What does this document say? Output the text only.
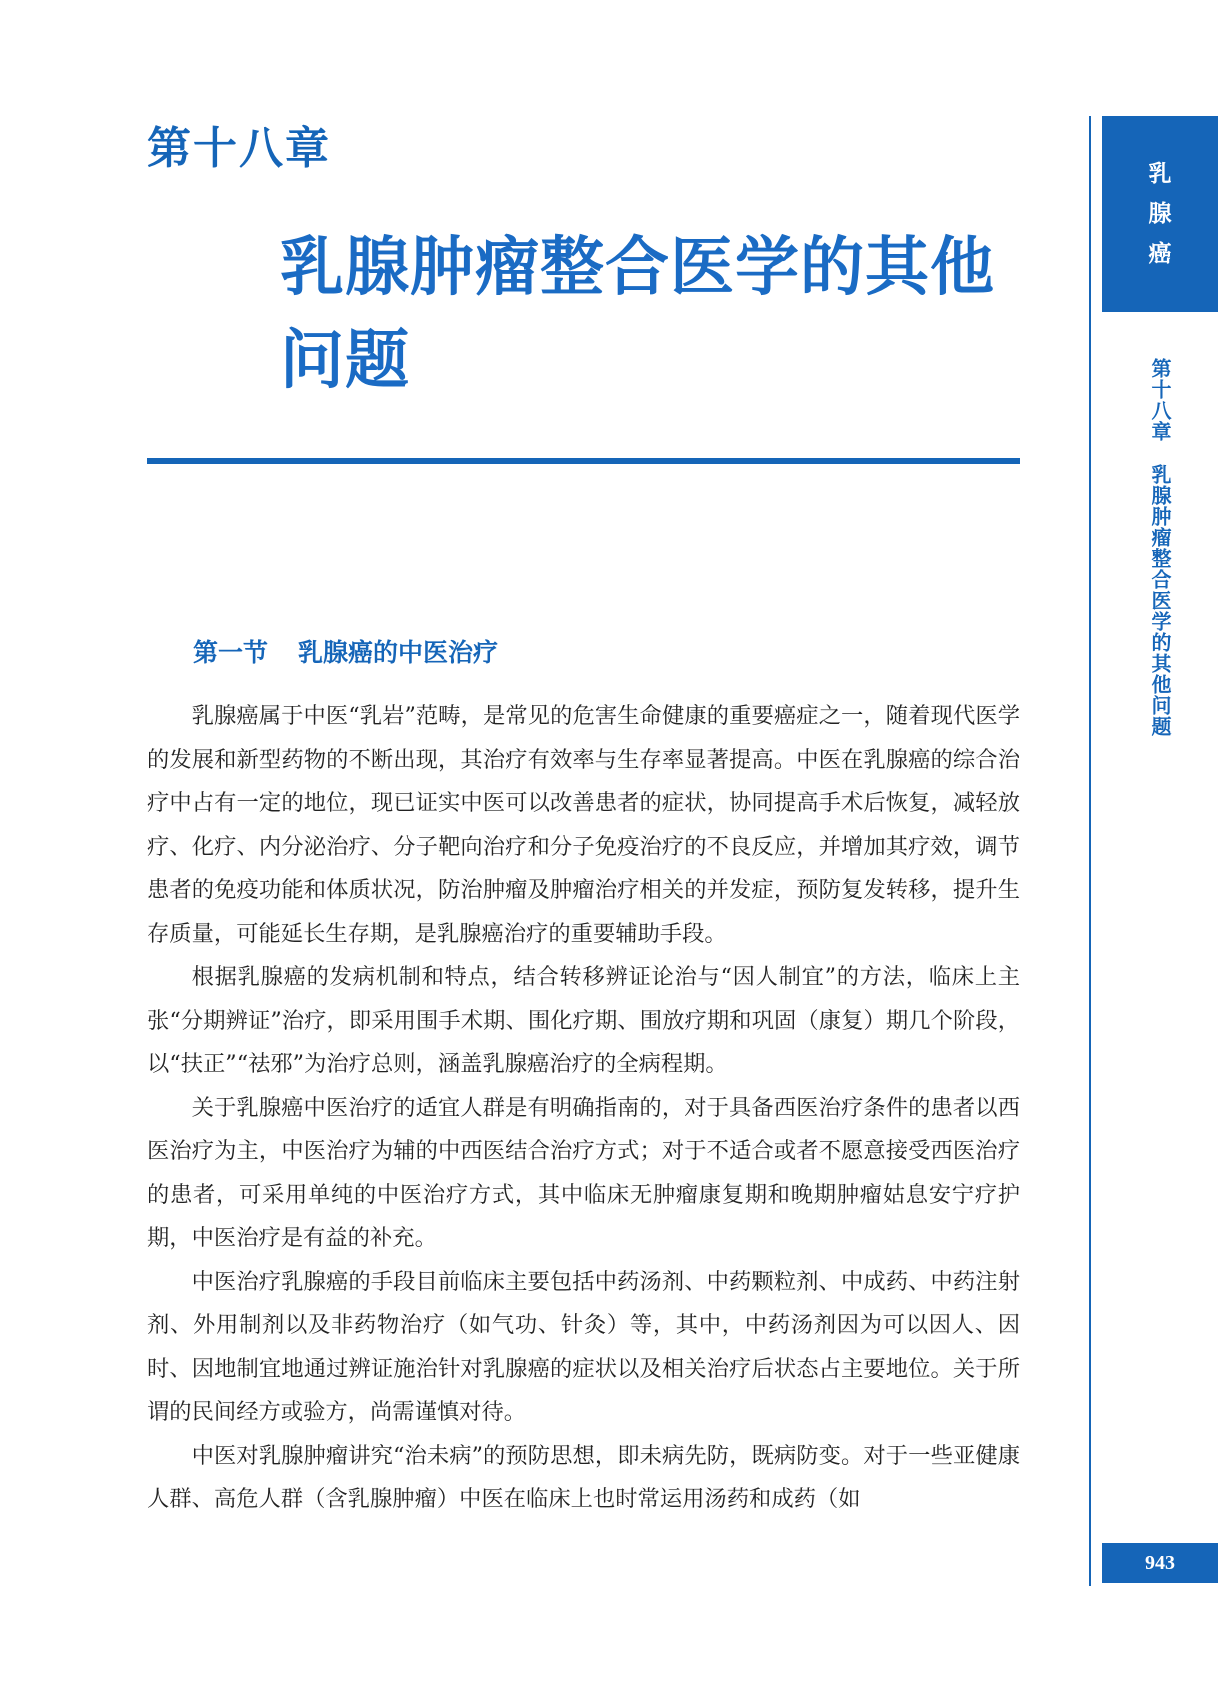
第十八章
乳腺肿瘤整合医学的其他问题
第一节 乳腺癌的中医治疗

乳腺癌属于中医“乳岩”范畴，是常见的危害生命健康的重要癌症之一，随着现代医学的发展和新型药物的不断出现，其治疗有效率与生存率显著提高。中医在乳腺癌的综合治疗中占有一定的地位，现已证实中医可以改善患者的症状，协同提高手术后恢复，减轻放疗、化疗、内分泌治疗、分子靶向治疗和分子免疫治疗的不良反应，并增加其疗效，调节患者的免疫功能和体质状况，防治肿瘤及肿瘤治疗相关的并发症，预防复发转移，提升生存质量，可能延长生存期，是乳腺癌治疗的重要辅助手段。

根据乳腺癌的发病机制和特点，结合转移辨证论治与“因人制宜”的方法，临床上主张“分期辨证”治疗，即采用围手术期、围化疗期、围放疗期和巩固（康复）期几个阶段，以“扶正”“祛邪”为治疗总则，涵盖乳腺癌治疗的全病程期。

关于乳腺癌中医治疗的适宜人群是有明确指南的，对于具备西医治疗条件的患者以西医治疗为主，中医治疗为辅的中西医结合治疗方式；对于不适合或者不愿意接受西医治疗的患者，可采用单纯的中医治疗方式，其中临床无肿瘤康复期和晚期肿瘤姑息安宁疗护期，中医治疗是有益的补充。

中医治疗乳腺癌的手段目前临床主要包括中药汤剂、中药颗粒剂、中成药、中药注射剂、外用制剂以及非药物治疗（如气功、针灸）等，其中，中药汤剂因为可以因人、因时、因地制宜地通过辨证施治针对乳腺癌的症状以及相关治疗后状态占主要地位。关于所谓的民间经方或验方，尚需谨慎对待。

中医对乳腺肿瘤讲究“治未病”的预防思想，即未病先防，既病防变。对于一些亚健康人群、高危人群（含乳腺肿瘤）中医在临床上也时常运用汤药和成药（如

乳
腺
癌
第十八章乳腺肿瘤整合医学的其他问题
943
